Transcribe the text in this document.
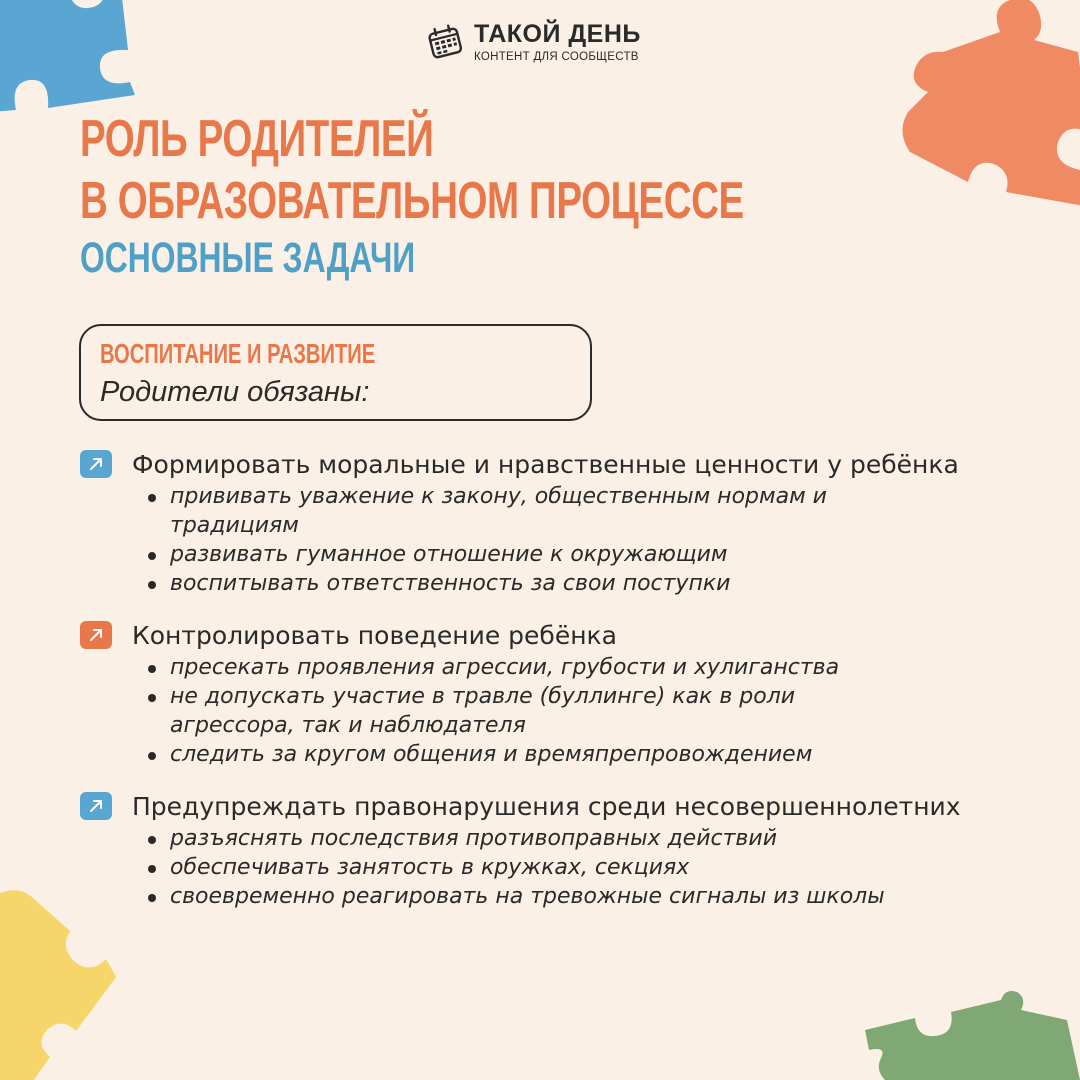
ТАКОЙ ДЕНЬ
КОНТЕНТ ДЛЯ СООБЩЕСТВ
РОЛЬ РОДИТЕЛЕЙ
В ОБРАЗОВАТЕЛЬНОМ ПРОЦЕССЕ
ОСНОВНЫЕ ЗАДАЧИ
ВОСПИТАНИЕ И РАЗВИТИЕ
Родители обязаны:
Формировать моральные и нравственные ценности у ребёнка
прививать уважение к закону, общественным нормам и традициям
развивать гуманное отношение к окружающим
воспитывать ответственность за свои поступки
Контролировать поведение ребёнка
пресекать проявления агрессии, грубости и хулиганства
не допускать участие в травле (буллинге) как в роли агрессора, так и наблюдателя
следить за кругом общения и времяпрепровождением
Предупреждать правонарушения среди несовершеннолетних
разъяснять последствия противоправных действий
обеспечивать занятость в кружках, секциях
своевременно реагировать на тревожные сигналы из школы
